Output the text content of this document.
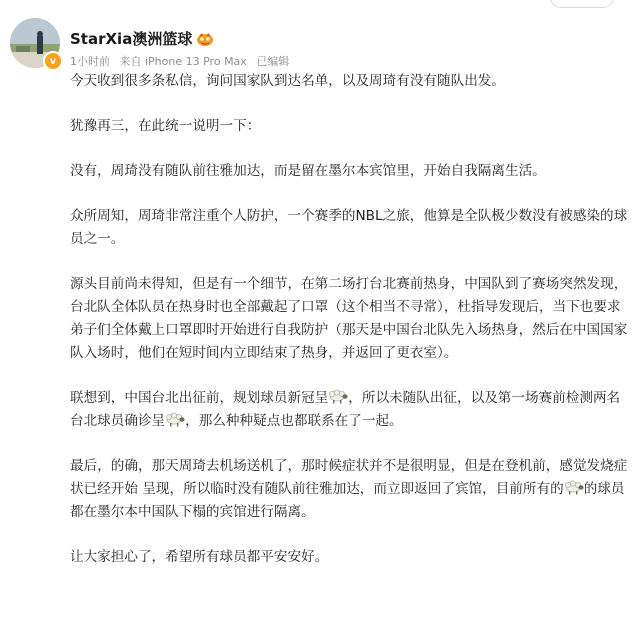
v
StarXia澳洲篮球
1小时前 来自 iPhone 13 Pro Max 已编辑

今天收到很多条私信，询问国家队到达名单，以及周琦有没有随队出发。

犹豫再三，在此统一说明一下：

没有，周琦没有随队前往雅加达，而是留在墨尔本宾馆里，开始自我隔离生活。

众所周知，周琦非常注重个人防护，一个赛季的NBL之旅，他算是全队极少数没有被感染的球员之一。

源头目前尚未得知，但是有一个细节，在第二场打台北赛前热身，中国队到了赛场突然发现，台北队全体队员在热身时也全部戴起了口罩（这个相当不寻常），杜指导发现后，当下也要求弟子们全体戴上口罩即时开始进行自我防护（那天是中国台北队先入场热身，然后在中国国家队入场时，他们在短时间内立即结束了热身，并返回了更衣室）。

联想到，中国台北出征前，规划球员新冠呈 ，所以未随队出征，以及第一场赛前检测两名台北球员确诊呈 ，那么种种疑点也都联系在了一起。

最后，的确，那天周琦去机场送机了，那时候症状并不是很明显，但是在登机前，感觉发烧症状已经开始 呈现，所以临时没有随队前往雅加达，而立即返回了宾馆，目前所有的 的球员都在墨尔本中国队下榻的宾馆进行隔离。

让大家担心了，希望所有球员都平安安好。
